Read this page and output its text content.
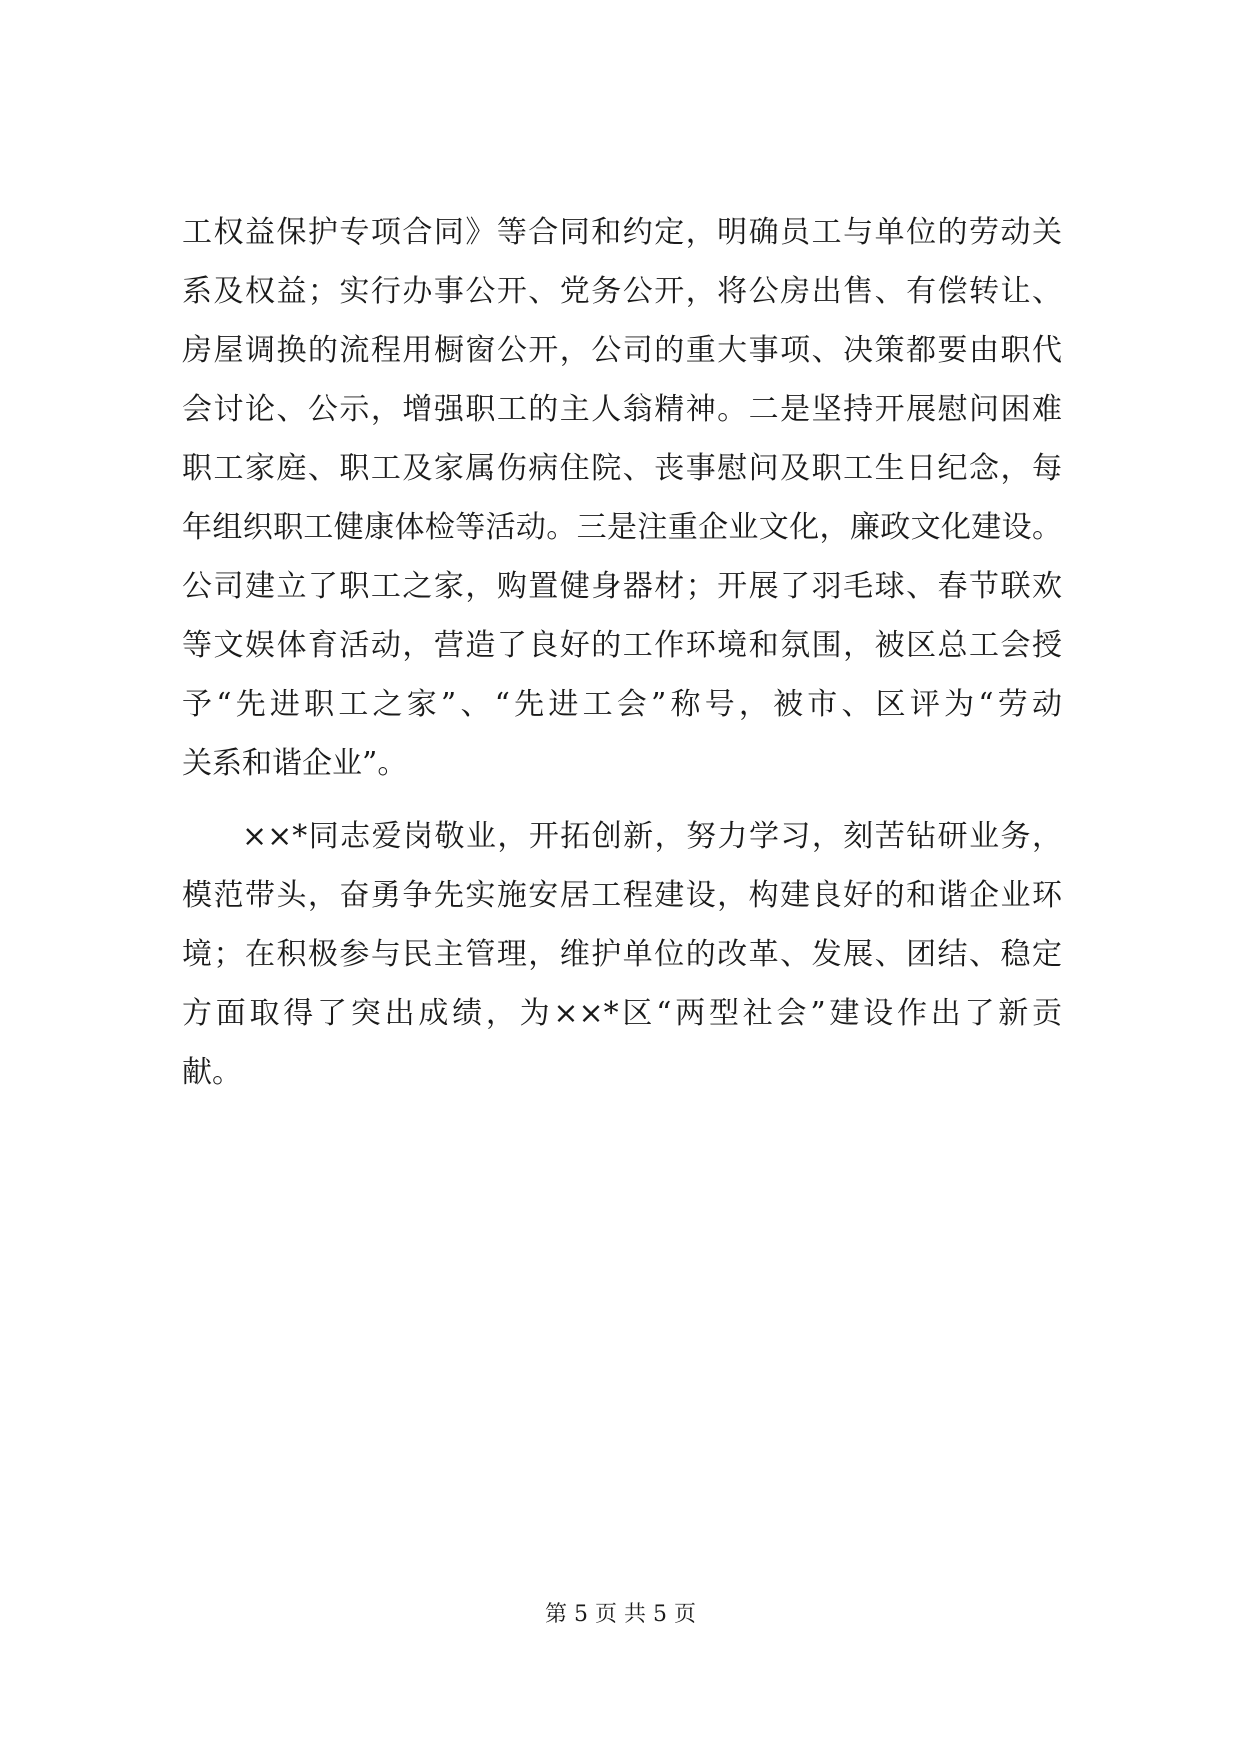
工权益保护专项合同》等合同和约定，明确员工与单位的劳动关
系及权益；实行办事公开、党务公开，将公房出售、有偿转让、
房屋调换的流程用橱窗公开，公司的重大事项、决策都要由职代
会讨论、公示，增强职工的主人翁精神。二是坚持开展慰问困难
职工家庭、职工及家属伤病住院、丧事慰问及职工生日纪念，每
年组织职工健康体检等活动。三是注重企业文化，廉政文化建设。
公司建立了职工之家，购置健身器材；开展了羽毛球、春节联欢
等文娱体育活动，营造了良好的工作环境和氛围，被区总工会授
予“先进职工之家”、“先进工会”称号，被市、区评为“劳动
关系和谐企业”。
××*同志爱岗敬业，开拓创新，努力学习，刻苦钻研业务，
模范带头，奋勇争先实施安居工程建设，构建良好的和谐企业环
境；在积极参与民主管理，维护单位的改革、发展、团结、稳定
方面取得了突出成绩，为××*区“两型社会”建设作出了新贡
献。
第 5 页 共 5 页
